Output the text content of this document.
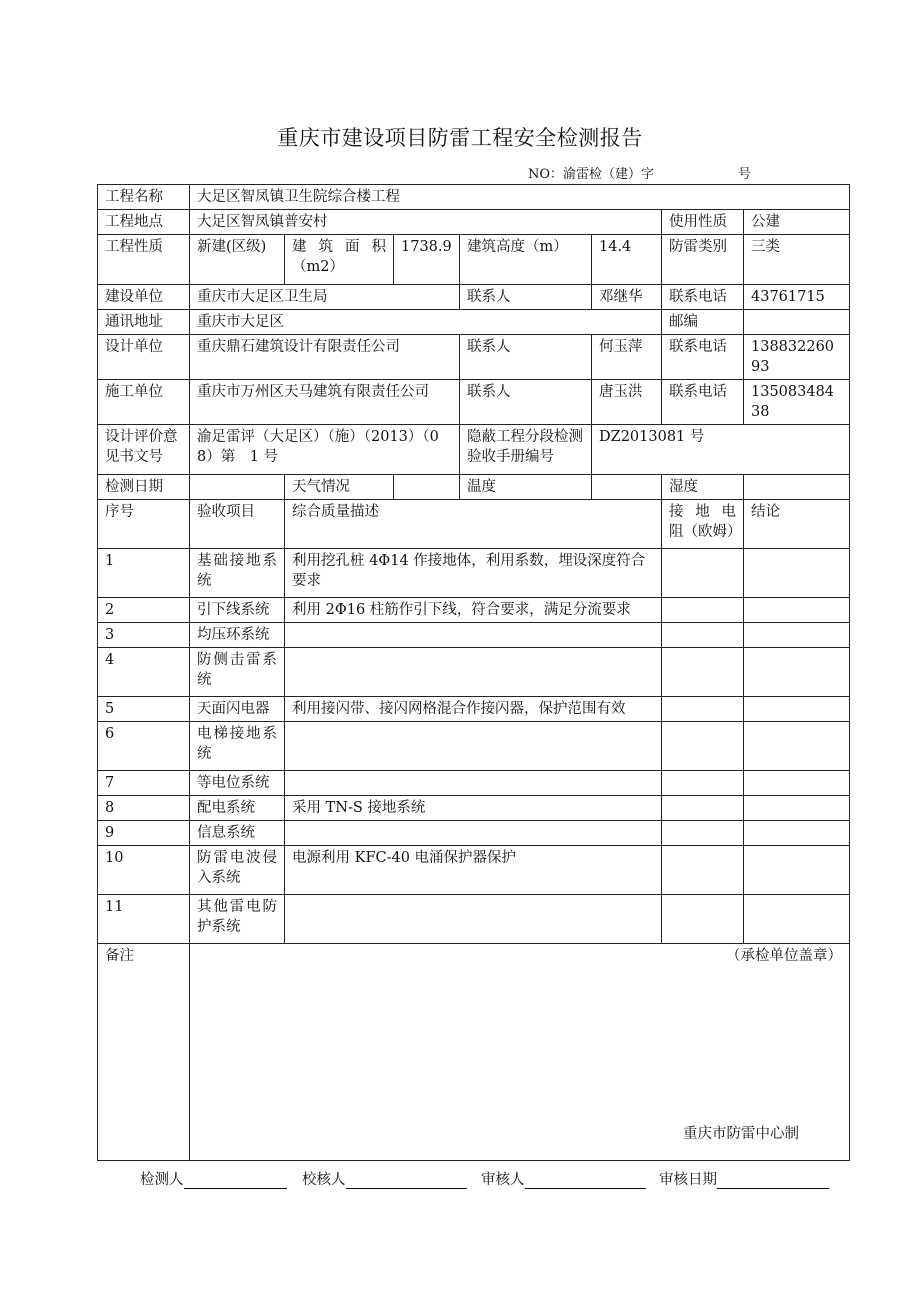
重庆市建设项目防雷工程安全检测报告
NO：渝雷检（建）字	号
工程名称	大足区智凤镇卫生院综合楼工程						
工程地点	大足区智凤镇普安村					使用性质	公建
工程性质	新建(区级)	建 筑 面 积（m2）	1738.9	建筑高度（m）	14.4	防雷类别	三类
建设单位	重庆市大足区卫生局			联系人	邓继华	联系电话	43761715
通讯地址	重庆市大足区					邮编	
设计单位	重庆鼎石建筑设计有限责任公司			联系人	何玉萍	联系电话	13883226093
施工单位	重庆市万州区天马建筑有限责任公司			联系人	唐玉洪	联系电话	13508348438
设计评价意见书文号	渝足雷评（大足区）（施）（2013）（08）第　1 号			隐蔽工程分段检测验收手册编号	DZ2013081 号		
检测日期		天气情况		温度		湿度	
序号	验收项目	综合质量描述				接 地 电 阻（欧姆）	结论
1	基础接地系统	利用挖孔桩 4Φ14 作接地体，利用系数，埋设深度符合要求					
2	引下线系统	利用 2Φ16 柱筋作引下线，符合要求，满足分流要求					
3	均压环系统						
4	防侧击雷系统						
5	天面闪电器	利用接闪带、接闪网格混合作接闪器，保护范围有效					
6	电梯接地系统						
7	等电位系统						
8	配电系统	采用 TN-S 接地系统					
9	信息系统						
10	防雷电波侵入系统	电源利用 KFC-40 电涌保护器保护					
11	其他雷电防护系统						
备注	（承检单位盖章）						
重庆市防雷中心制
检测人	校核人	审核人	审核日期
